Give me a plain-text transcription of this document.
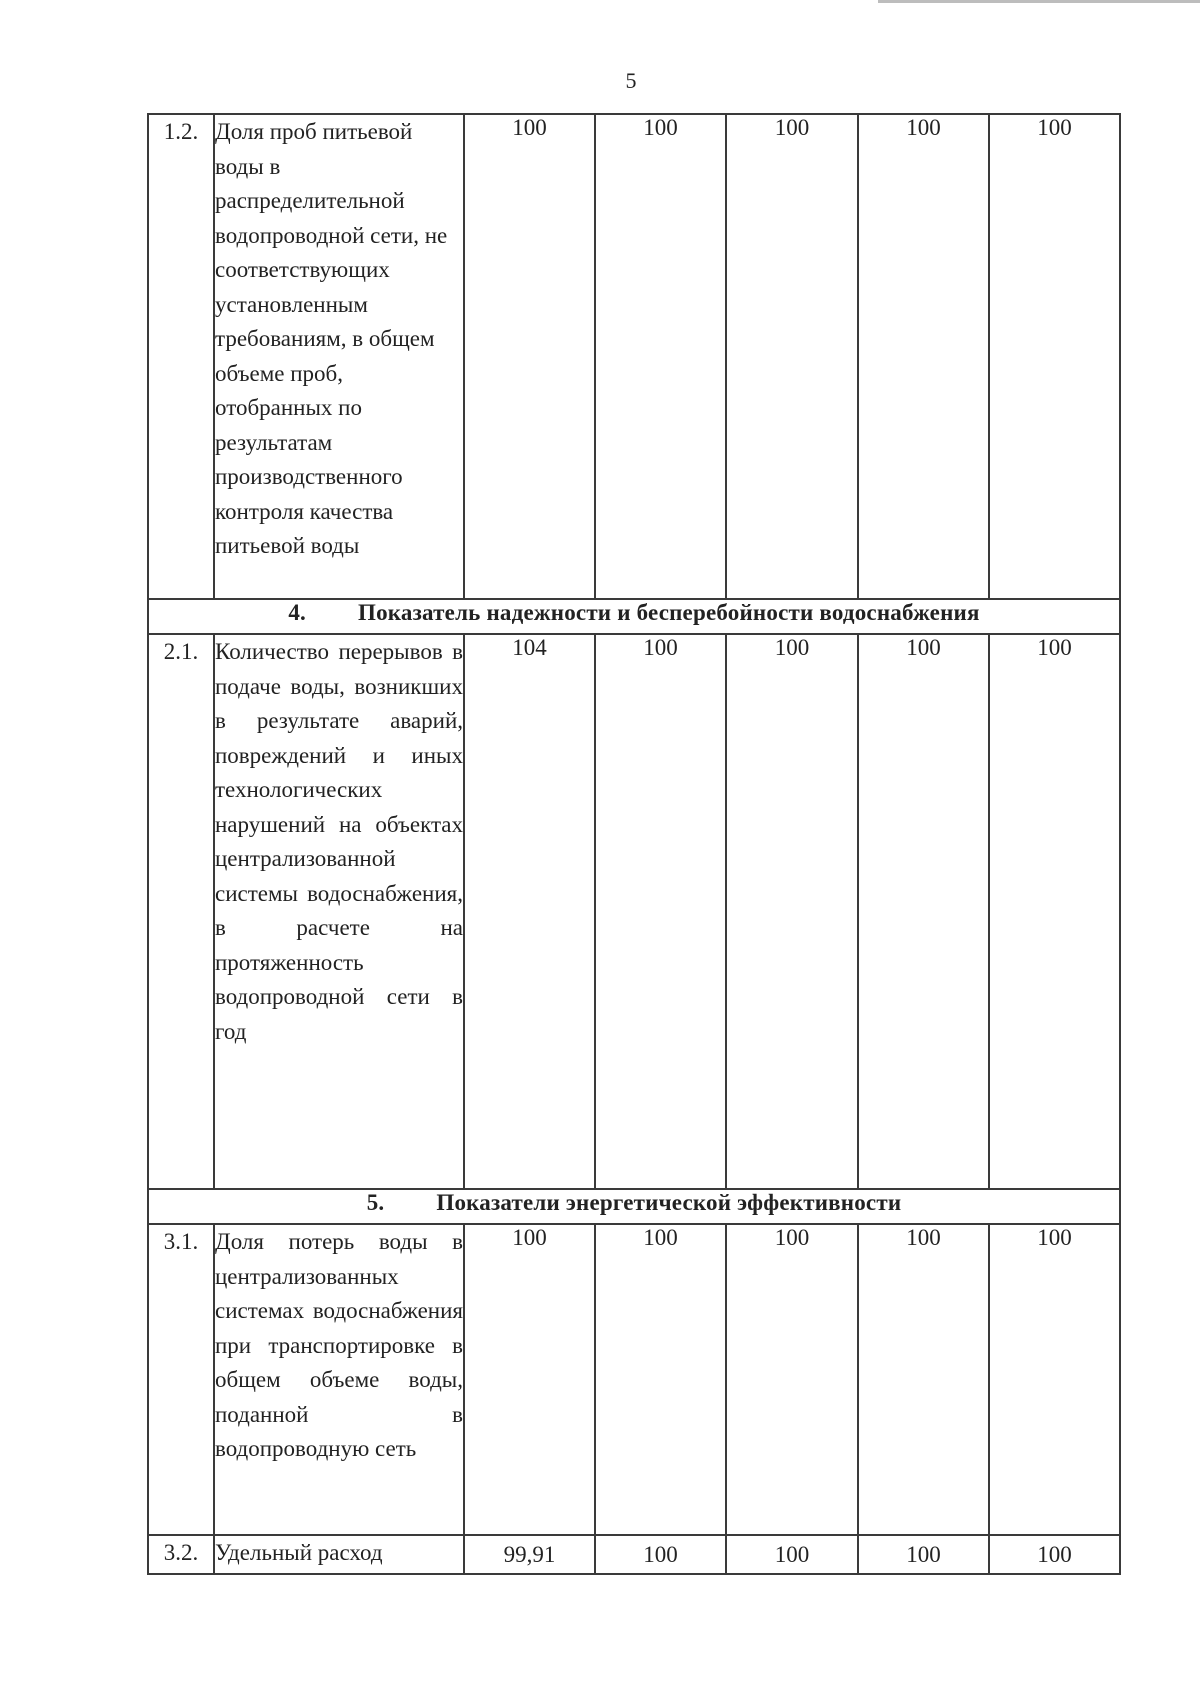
5
1.2.	Доля проб питьевой воды в распределительной водопроводной сети, не соответствующих установленным требованиям, в общем объеме проб, отобранных по результатам производственного контроля качества питьевой воды	100	100	100	100	100
4. Показатель надежности и бесперебойности водоснабжения						
2.1.	Количество перерывов в подаче воды, возникших в результате аварий, повреждений и иных технологических нарушений на объектах централизованной системы водоснабжения, в расчете на протяженность водопроводной сети в год	104	100	100	100	100
5. Показатели энергетической эффективности						
3.1.	Доля потерь воды в централизованных системах водоснабжения при транспортировке в общем объеме воды, поданной в водопроводную сеть	100	100	100	100	100
3.2.	Удельный расход	99,91	100	100	100	100
